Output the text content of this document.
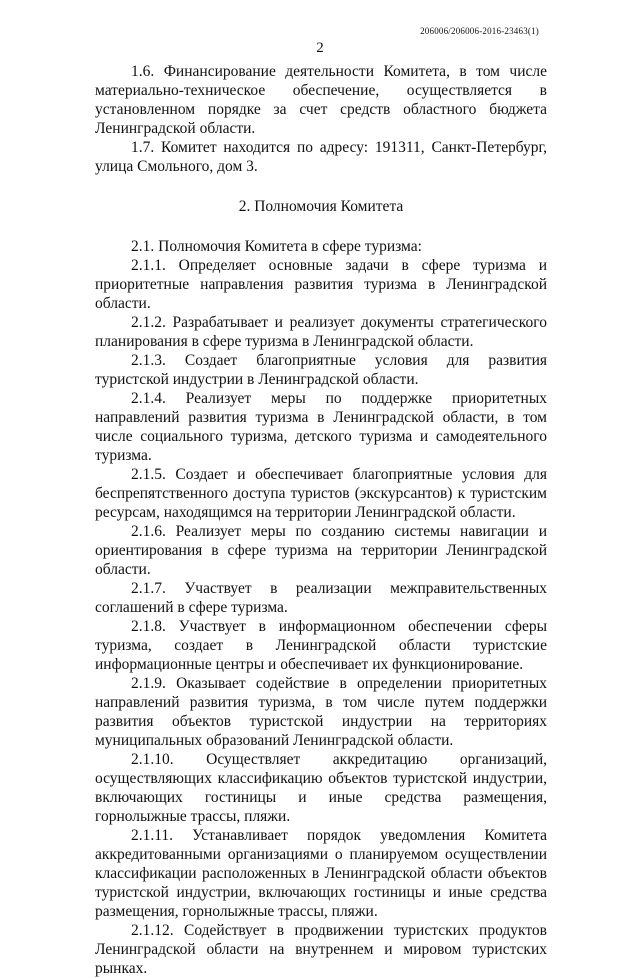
206006/206006-2016-23463(1)
2

1.6. Финансирование деятельности Комитета, в том числе материально-техническое обеспечение, осуществляется в установленном порядке за счет средств областного бюджета Ленинградской области.

1.7. Комитет находится по адресу: 191311, Санкт-Петербург, улица Смольного, дом 3.

2. Полномочия Комитета

2.1. Полномочия Комитета в сфере туризма:

2.1.1. Определяет основные задачи в сфере туризма и приоритетные направления развития туризма в Ленинградской области.

2.1.2. Разрабатывает и реализует документы стратегического планирования в сфере туризма в Ленинградской области.

2.1.3. Создает благоприятные условия для развития туристской индустрии в Ленинградской области.

2.1.4. Реализует меры по поддержке приоритетных направлений развития туризма в Ленинградской области, в том числе социального туризма, детского туризма и самодеятельного туризма.

2.1.5. Создает и обеспечивает благоприятные условия для беспрепятственного доступа туристов (экскурсантов) к туристским ресурсам, находящимся на территории Ленинградской области.

2.1.6. Реализует меры по созданию системы навигации и ориентирования в сфере туризма на территории Ленинградской области.

2.1.7. Участвует в реализации межправительственных соглашений в сфере туризма.

2.1.8. Участвует в информационном обеспечении сферы туризма, создает в Ленинградской области туристские информационные центры и обеспечивает их функционирование.

2.1.9. Оказывает содействие в определении приоритетных направлений развития туризма, в том числе путем поддержки развития объектов туристской индустрии на территориях муниципальных образований Ленинградской области.

2.1.10. Осуществляет аккредитацию организаций, осуществляющих классификацию объектов туристской индустрии, включающих гостиницы и иные средства размещения, горнолыжные трассы, пляжи.

2.1.11. Устанавливает порядок уведомления Комитета аккредитованными организациями о планируемом осуществлении классификации расположенных в Ленинградской области объектов туристской индустрии, включающих гостиницы и иные средства размещения, горнолыжные трассы, пляжи.

2.1.12. Содействует в продвижении туристских продуктов Ленинградской области на внутреннем и мировом туристских рынках.
